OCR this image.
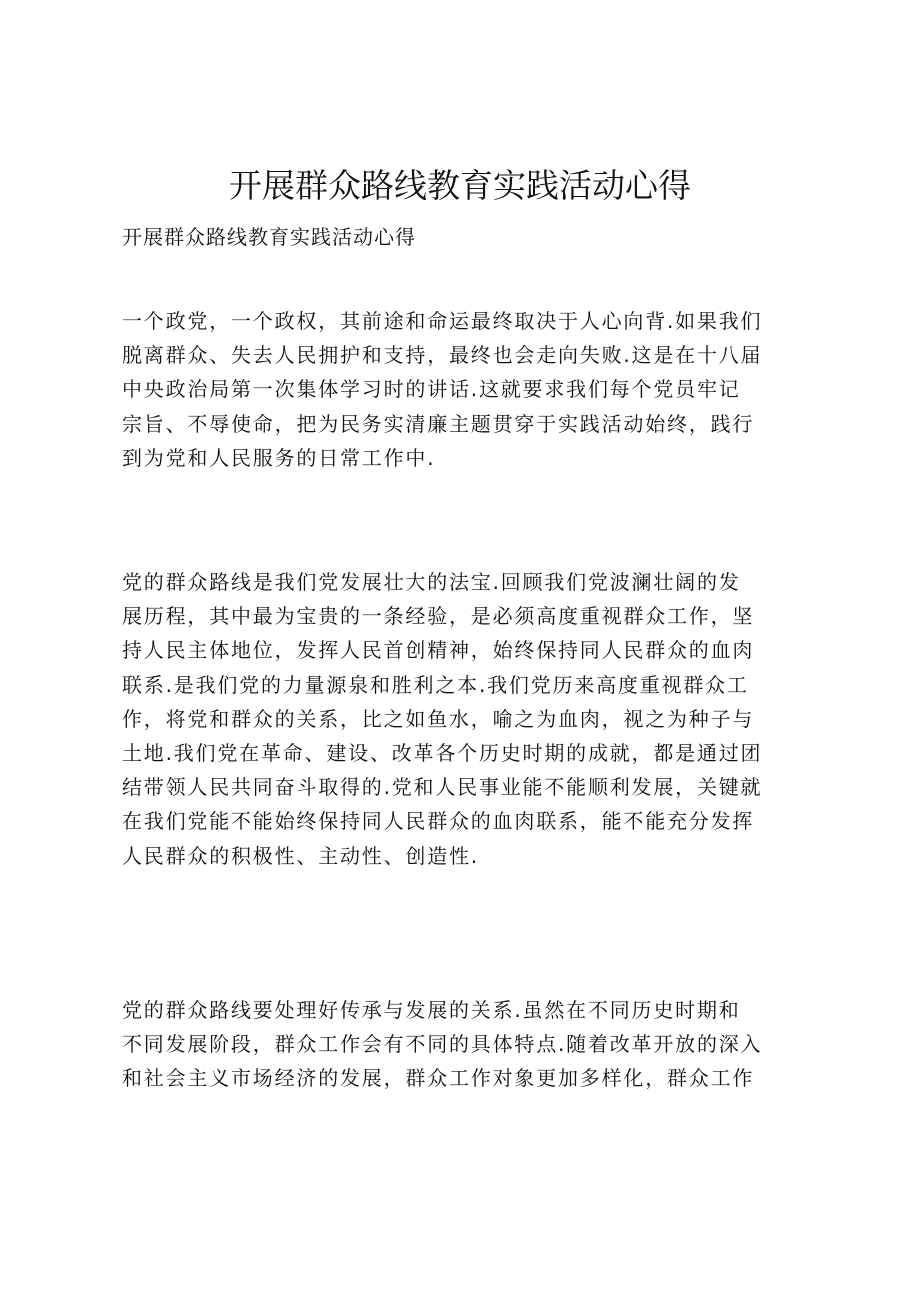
开展群众路线教育实践活动心得

开展群众路线教育实践活动心得

一个政党，一个政权，其前途和命运最终取决于人心向背.如果我们
脱离群众、失去人民拥护和支持，最终也会走向失败.这是在十八届
中央政治局第一次集体学习时的讲话.这就要求我们每个党员牢记
宗旨、不辱使命，把为民务实清廉主题贯穿于实践活动始终，践行
到为党和人民服务的日常工作中.
党的群众路线是我们党发展壮大的法宝.回顾我们党波澜壮阔的发
展历程，其中最为宝贵的一条经验，是必须高度重视群众工作，坚
持人民主体地位，发挥人民首创精神，始终保持同人民群众的血肉
联系.是我们党的力量源泉和胜利之本.我们党历来高度重视群众工
作，将党和群众的关系，比之如鱼水，喻之为血肉，视之为种子与
土地.我们党在革命、建设、改革各个历史时期的成就，都是通过团
结带领人民共同奋斗取得的.党和人民事业能不能顺利发展，关键就
在我们党能不能始终保持同人民群众的血肉联系，能不能充分发挥
人民群众的积极性、主动性、创造性.
党的群众路线要处理好传承与发展的关系.虽然在不同历史时期和
不同发展阶段，群众工作会有不同的具体特点.随着改革开放的深入
和社会主义市场经济的发展，群众工作对象更加多样化，群众工作
